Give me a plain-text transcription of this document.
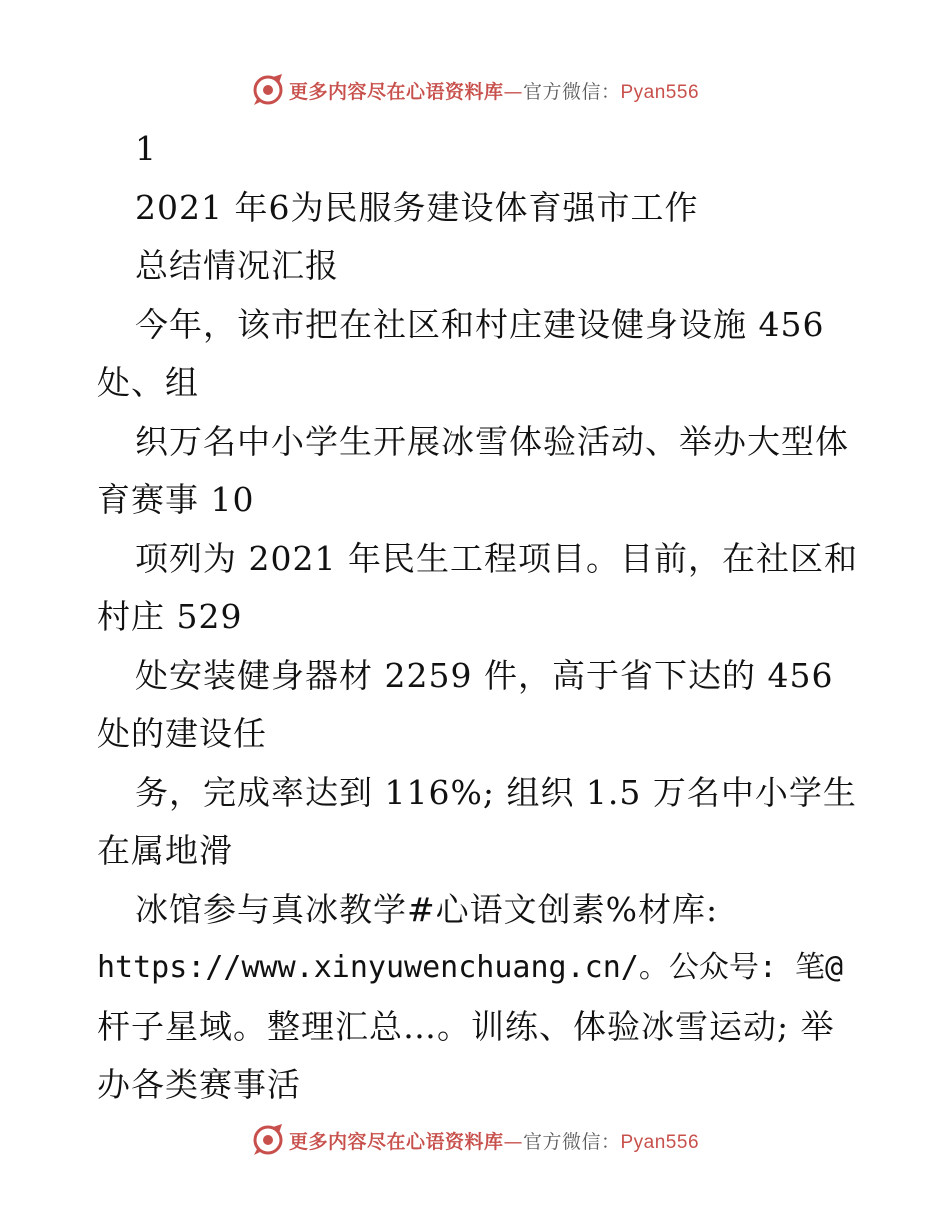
更多内容尽在心语资料库—官方微信：Pyan556
1
2021 年6为民服务建设体育强市工作
总结情况汇报
今年，该市把在社区和村庄建设健身设施 456
处、组
织万名中小学生开展冰雪体验活动、举办大型体
育赛事 10
项列为 2021 年民生工程项目。目前，在社区和
村庄 529
处安装健身器材 2259 件，高于省下达的 456
处的建设任
务，完成率达到 116%; 组织 1.5 万名中小学生
在属地滑
冰馆参与真冰教学#心语文创素%材库:
https://www.xinyuwenchuang.cn/。公众号: 笔@
杆子星域。整理汇总…。训练、体验冰雪运动; 举
办各类赛事活
更多内容尽在心语资料库—官方微信：Pyan556
